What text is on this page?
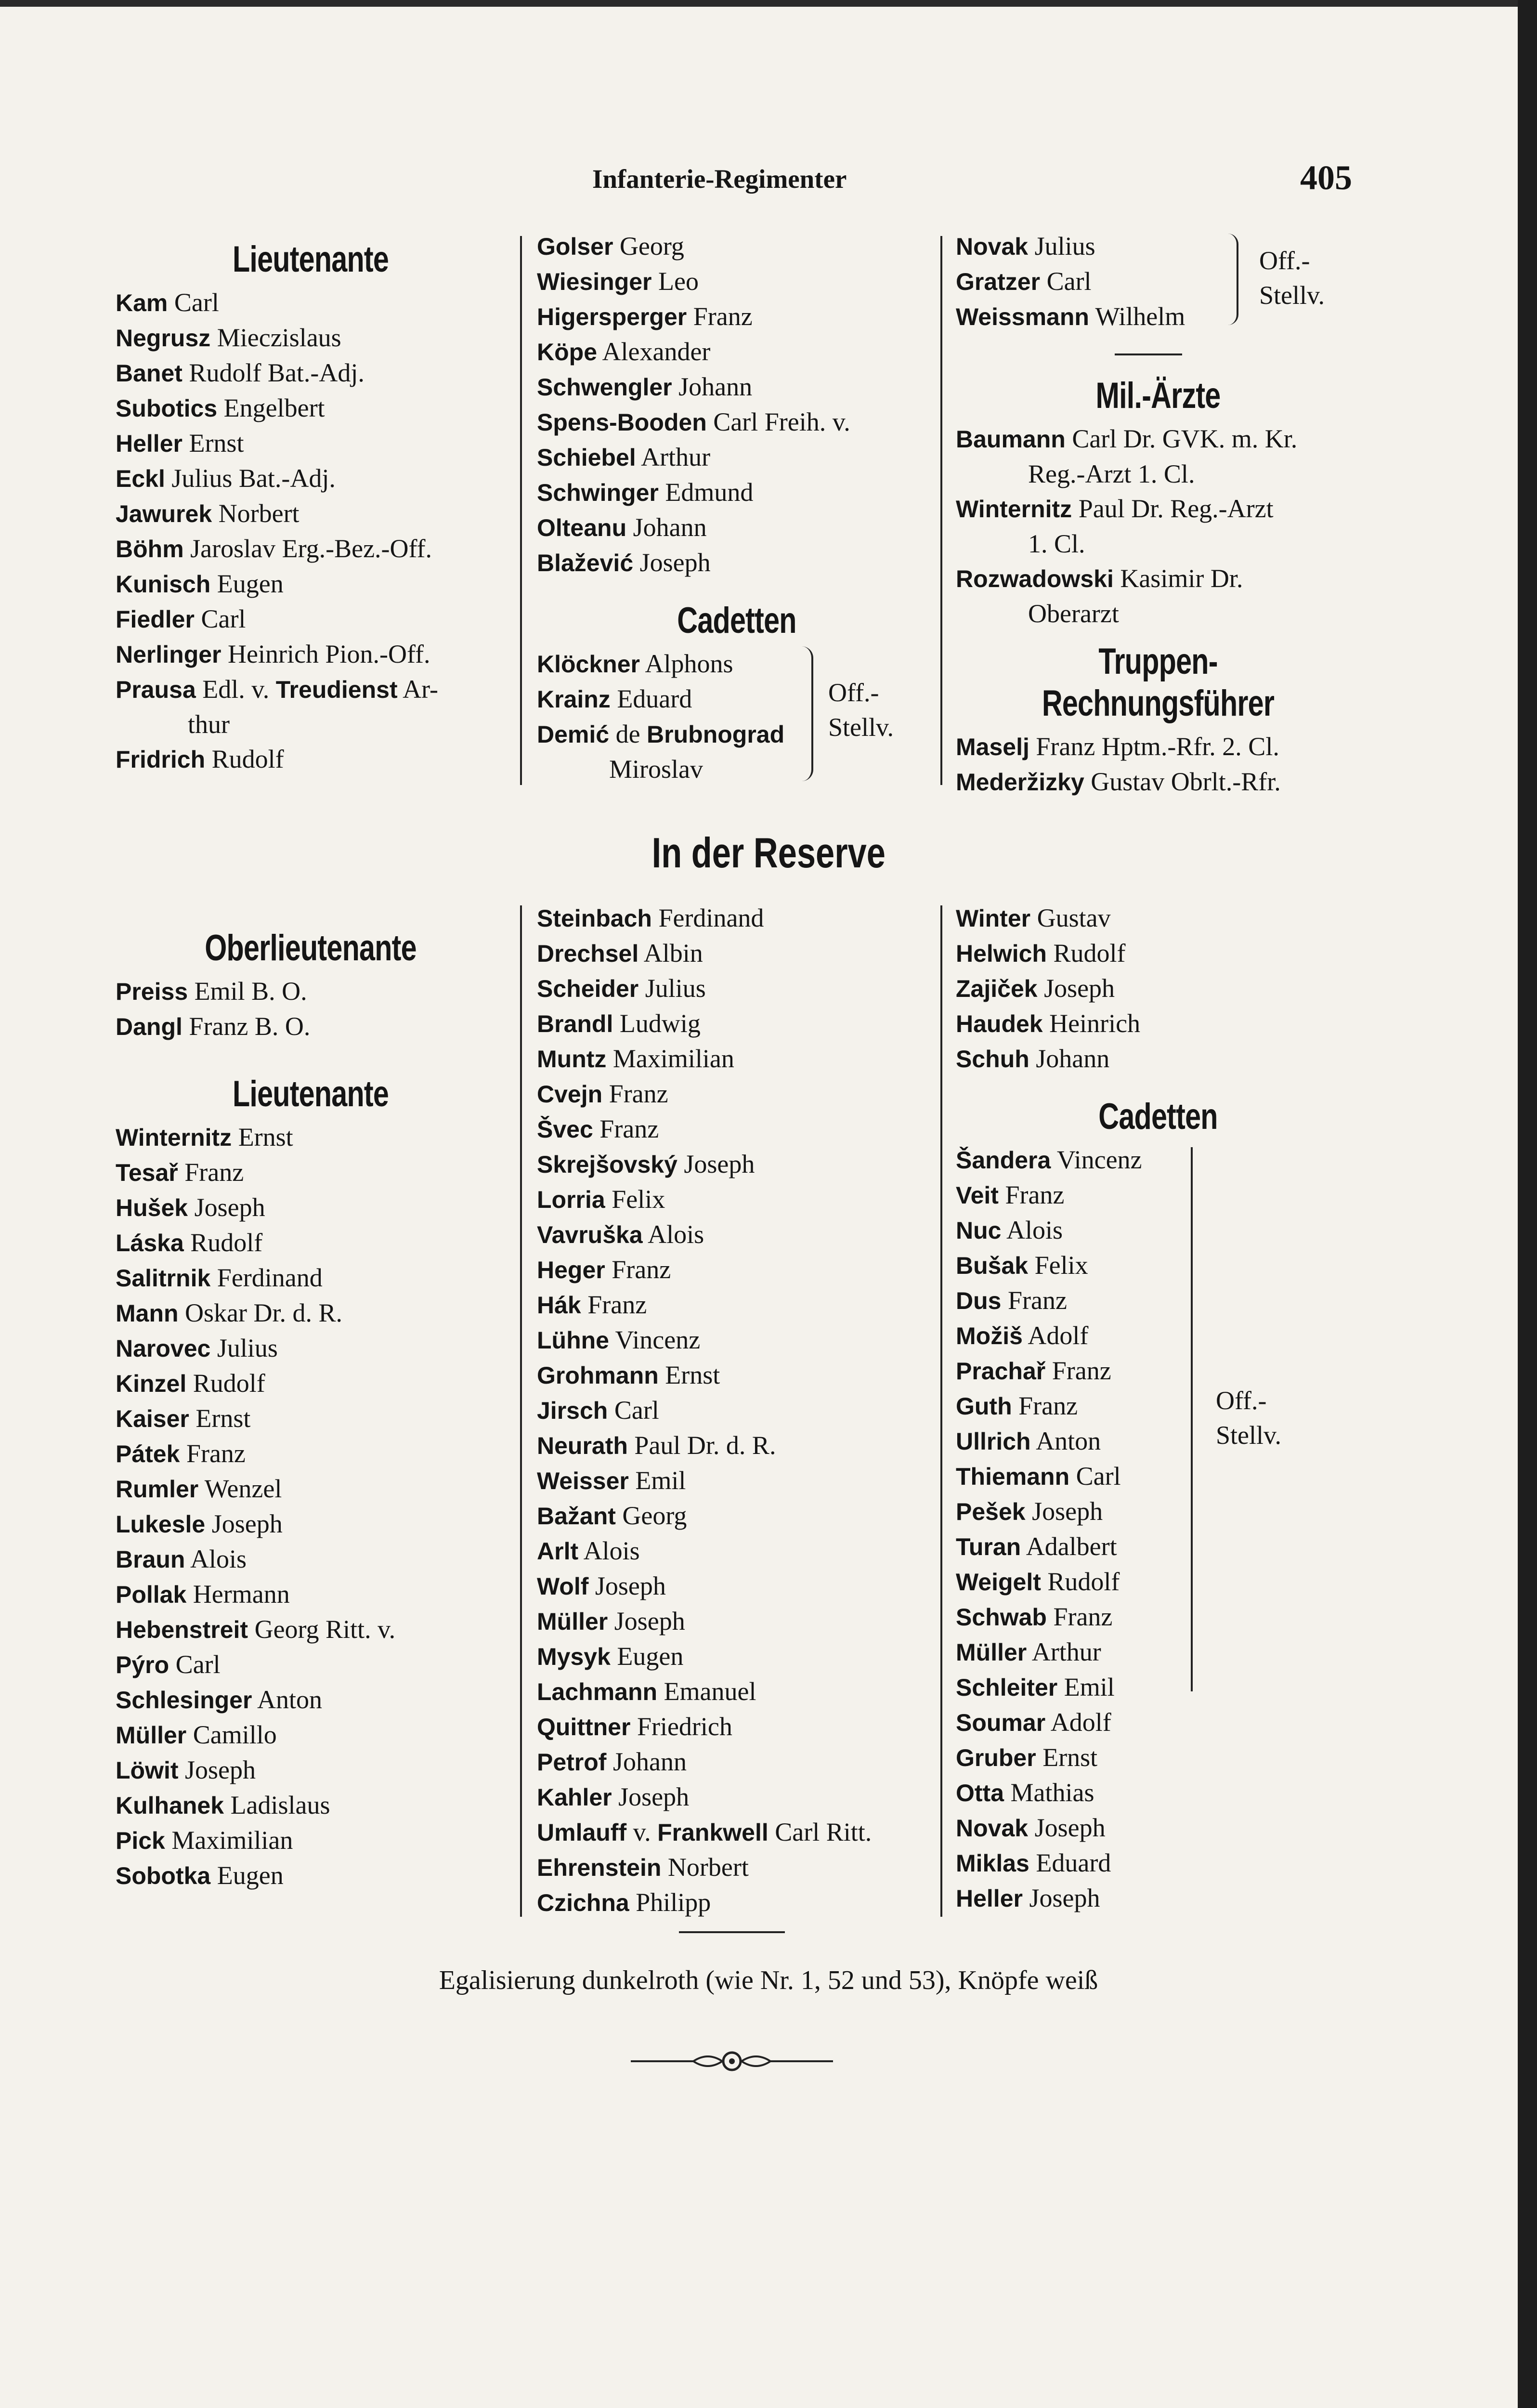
Infanterie-Regimenter	405
Lieutenante
Kam Carl
Negrusz Mieczislaus
Banet Rudolf Bat.-Adj.
Subotics Engelbert
Heller Ernst
Eckl Julius Bat.-Adj.
Jawurek Norbert
Böhm Jaroslav Erg.-Bez.-Off.
Kunisch Eugen
Fiedler Carl
Nerlinger Heinrich Pion.-Off.
Prausa Edl. v. Treudienst Ar-
thur
Fridrich Rudolf
Golser Georg
Wiesinger Leo
Higersperger Franz
Köpe Alexander
Schwengler Johann
Spens-Booden Carl Freih. v.
Schiebel Arthur
Schwinger Edmund
Olteanu Johann
Blažević Joseph
Cadetten
Klöckner Alphons
Krainz Eduard
Demić de Brubnograd
Miroslav
Off.-
Stellv.
Novak Julius
Gratzer Carl
Weissmann Wilhelm
Off.-
Stellv.
Mil.-Ärzte
Baumann Carl Dr. GVK. m. Kr.
Reg.-Arzt 1. Cl.
Winternitz Paul Dr. Reg.-Arzt
1. Cl.
Rozwadowski Kasimir Dr.
Oberarzt
Truppen-Rechnungsführer
Maselj Franz Hptm.-Rfr. 2. Cl.
Mederžizky Gustav Obrlt.-Rfr.
In der Reserve
Oberlieutenante
Preiss Emil B. O.
Dangl Franz B. O.
Lieutenante
Winternitz Ernst
Tesař Franz
Hušek Joseph
Láska Rudolf
Salitrnik Ferdinand
Mann Oskar Dr. d. R.
Narovec Julius
Kinzel Rudolf
Kaiser Ernst
Pátek Franz
Rumler Wenzel
Lukesle Joseph
Braun Alois
Pollak Hermann
Hebenstreit Georg Ritt. v.
Pýro Carl
Schlesinger Anton
Müller Camillo
Löwit Joseph
Kulhanek Ladislaus
Pick Maximilian
Sobotka Eugen
Steinbach Ferdinand
Drechsel Albin
Scheider Julius
Brandl Ludwig
Muntz Maximilian
Cvejn Franz
Švec Franz
Skrejšovský Joseph
Lorria Felix
Vavruška Alois
Heger Franz
Hák Franz
Lühne Vincenz
Grohmann Ernst
Jirsch Carl
Neurath Paul Dr. d. R.
Weisser Emil
Bažant Georg
Arlt Alois
Wolf Joseph
Müller Joseph
Mysyk Eugen
Lachmann Emanuel
Quittner Friedrich
Petrof Johann
Kahler Joseph
Umlauff v. Frankwell Carl Ritt.
Ehrenstein Norbert
Czichna Philipp
Winter Gustav
Helwich Rudolf
Zajiček Joseph
Haudek Heinrich
Schuh Johann
Cadetten
Šandera Vincenz
Veit Franz
Nuc Alois
Bušak Felix
Dus Franz
Možiš Adolf
Prachař Franz
Guth Franz
Ullrich Anton
Thiemann Carl
Pešek Joseph
Turan Adalbert
Weigelt Rudolf
Schwab Franz
Müller Arthur
Schleiter Emil
Off.-
Stellv.
Soumar Adolf
Gruber Ernst
Otta Mathias
Novak Joseph
Miklas Eduard
Heller Joseph
Egalisierung dunkelroth (wie Nr. 1, 52 und 53), Knöpfe weiß
